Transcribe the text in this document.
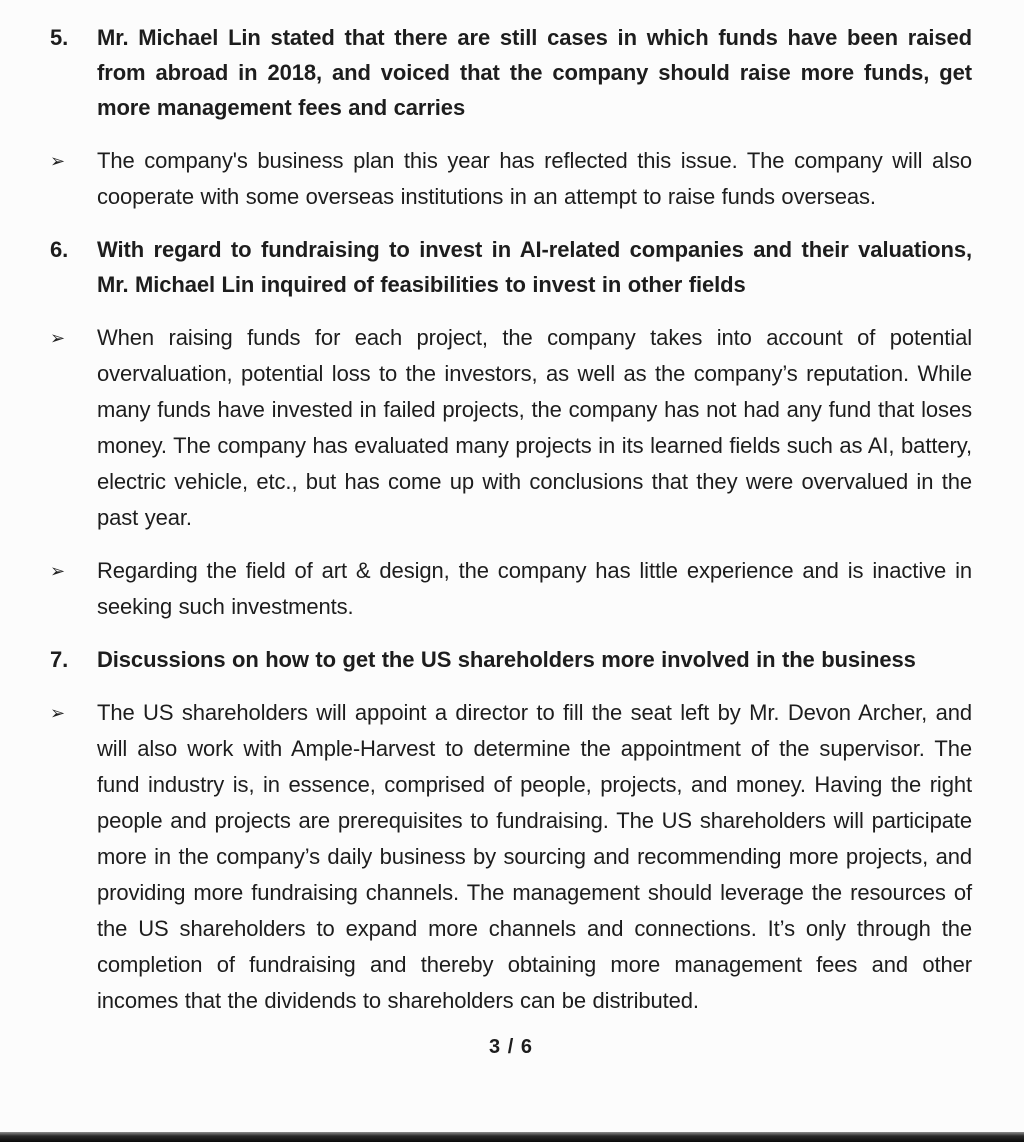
5.	Mr. Michael Lin stated that there are still cases in which funds have been raised from abroad in 2018, and voiced that the company should raise more funds, get more management fees and carries

➢	The company's business plan this year has reflected this issue. The company will also cooperate with some overseas institutions in an attempt to raise funds overseas.

6.	With regard to fundraising to invest in AI-related companies and their valuations, Mr. Michael Lin inquired of feasibilities to invest in other fields

➢	When raising funds for each project, the company takes into account of potential overvaluation, potential loss to the investors, as well as the company’s reputation. While many funds have invested in failed projects, the company has not had any fund that loses money. The company has evaluated many projects in its learned fields such as AI, battery, electric vehicle, etc., but has come up with conclusions that they were overvalued in the past year.

➢	Regarding the field of art & design, the company has little experience and is inactive in seeking such investments.

7.	Discussions on how to get the US shareholders more involved in the business

➢	The US shareholders will appoint a director to fill the seat left by Mr. Devon Archer, and will also work with Ample-Harvest to determine the appointment of the supervisor. The fund industry is, in essence, comprised of people, projects, and money. Having the right people and projects are prerequisites to fundraising. The US shareholders will participate more in the company’s daily business by sourcing and recommending more projects, and providing more fundraising channels. The management should leverage the resources of the US shareholders to expand more channels and connections. It’s only through the completion of fundraising and thereby obtaining more management fees and other incomes that the dividends to shareholders can be distributed.

3 / 6
